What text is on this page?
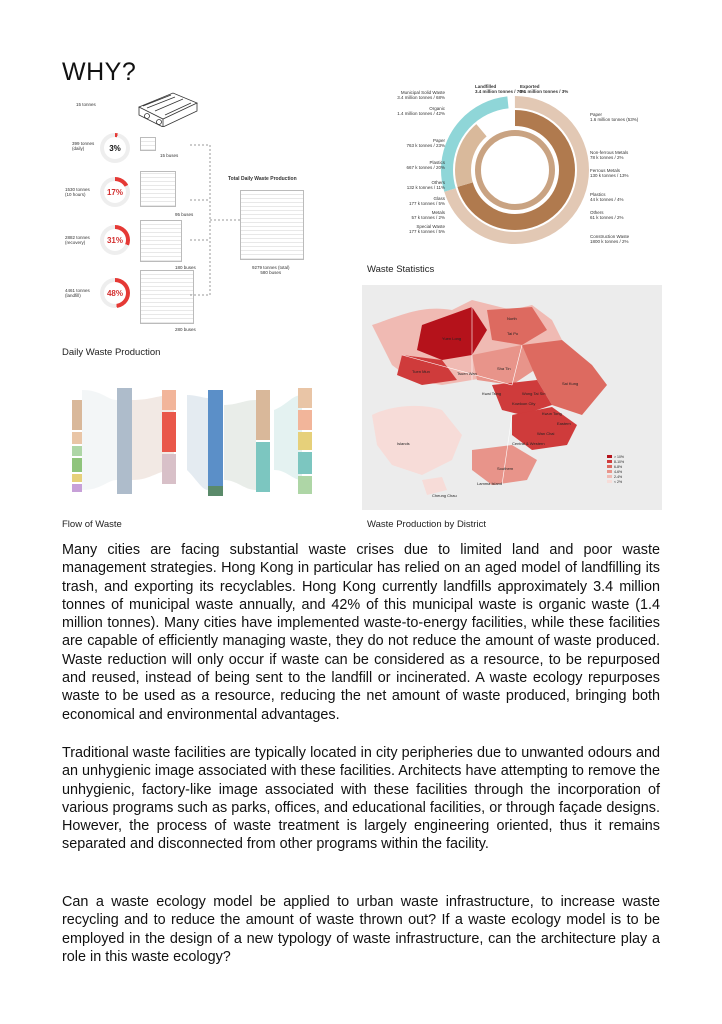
WHY?
15 tonnes
399 tonnes
(daily)	3%
15 buses
1530 tonnes
(10 hours)	17%
95 buses
2882 tonnes
(recovery)	31%
180 buses
4461 tonnes
(landfill)	48%
280 buses
Total Daily Waste Production
9279 tonnes (total)
580 buses
Daily Waste Production
Landfilled
3.4 million tonnes / 70%
Exported
0.1 million tonnes / 3%
Municipal Solid Waste
3.4 million tonnes / 68%
Organic
1.4 million tonnes / 42%
Paper
763 k tonnes / 23%
Plastics
667 k tonnes / 20%
Others
132 k tonnes / 11%
Glass
177 k tonnes / 5%
Metals
57 k tonnes / 2%
Special Waste
177 k tonnes / 5%
Paper
1.6 million tonnes (53%)
Non-ferrous Metals
78 k tonnes / 2%
Ferrous Metals
130 k tonnes / 13%
Plastics
44 k tonnes / 4%
Others
61 k tonnes / 2%
Construction Waste
1800 k tonnes / 2%
Waste Statistics
Flow of Waste
North
Yuen Long
Tai Po
Tuen Mun
Sha Tin
Sai Kung
Kwai Tsing
Tsuen Wan
Islands	Central & Western
Wan Chai
Eastern
Southern
Wong Tai Sin
Kowloon City
Kwun Tong
Lamma Island
Cheung Chau
> 10%
8-10%
6-8%
4-6%
2-4%
< 2%
Waste Production by District

Many cities are facing substantial waste crises due to limited land and poor waste management strategies. Hong Kong in particular has relied on an aged model of landfilling its trash, and exporting its recyclables. Hong Kong currently landfills approximately 3.4 million tonnes of municipal waste annually, and 42% of this municipal waste is organic waste (1.4 million tonnes). Many cities have implemented waste-to-energy facilities, while these facilities are capable of efficiently managing waste, they do not reduce the amount of waste produced. Waste reduction will only occur if waste can be considered as a resource, to be repurposed and reused, instead of being sent to the landfill or incinerated. A waste ecology repurposes waste to be used as a resource, reducing the net amount of waste produced, bringing both economical and environmental advantages.

Traditional waste facilities are typically located in city peripheries due to unwanted odours and an unhygienic image associated with these facilities. Architects have attempting to remove the unhygienic, factory-like image associated with these facilities through the incorporation of various programs such as parks, offices, and educational facilities, or through façade designs. However, the process of waste treatment is largely engineering oriented, thus it remains separated and disconnected from other programs within the facility.

Can a waste ecology model be applied to urban waste infrastructure, to increase waste recycling and to reduce the amount of waste thrown out? If a waste ecology model is to be employed in the design of a new typology of waste infrastructure, can the architecture play a role in this waste ecology?
